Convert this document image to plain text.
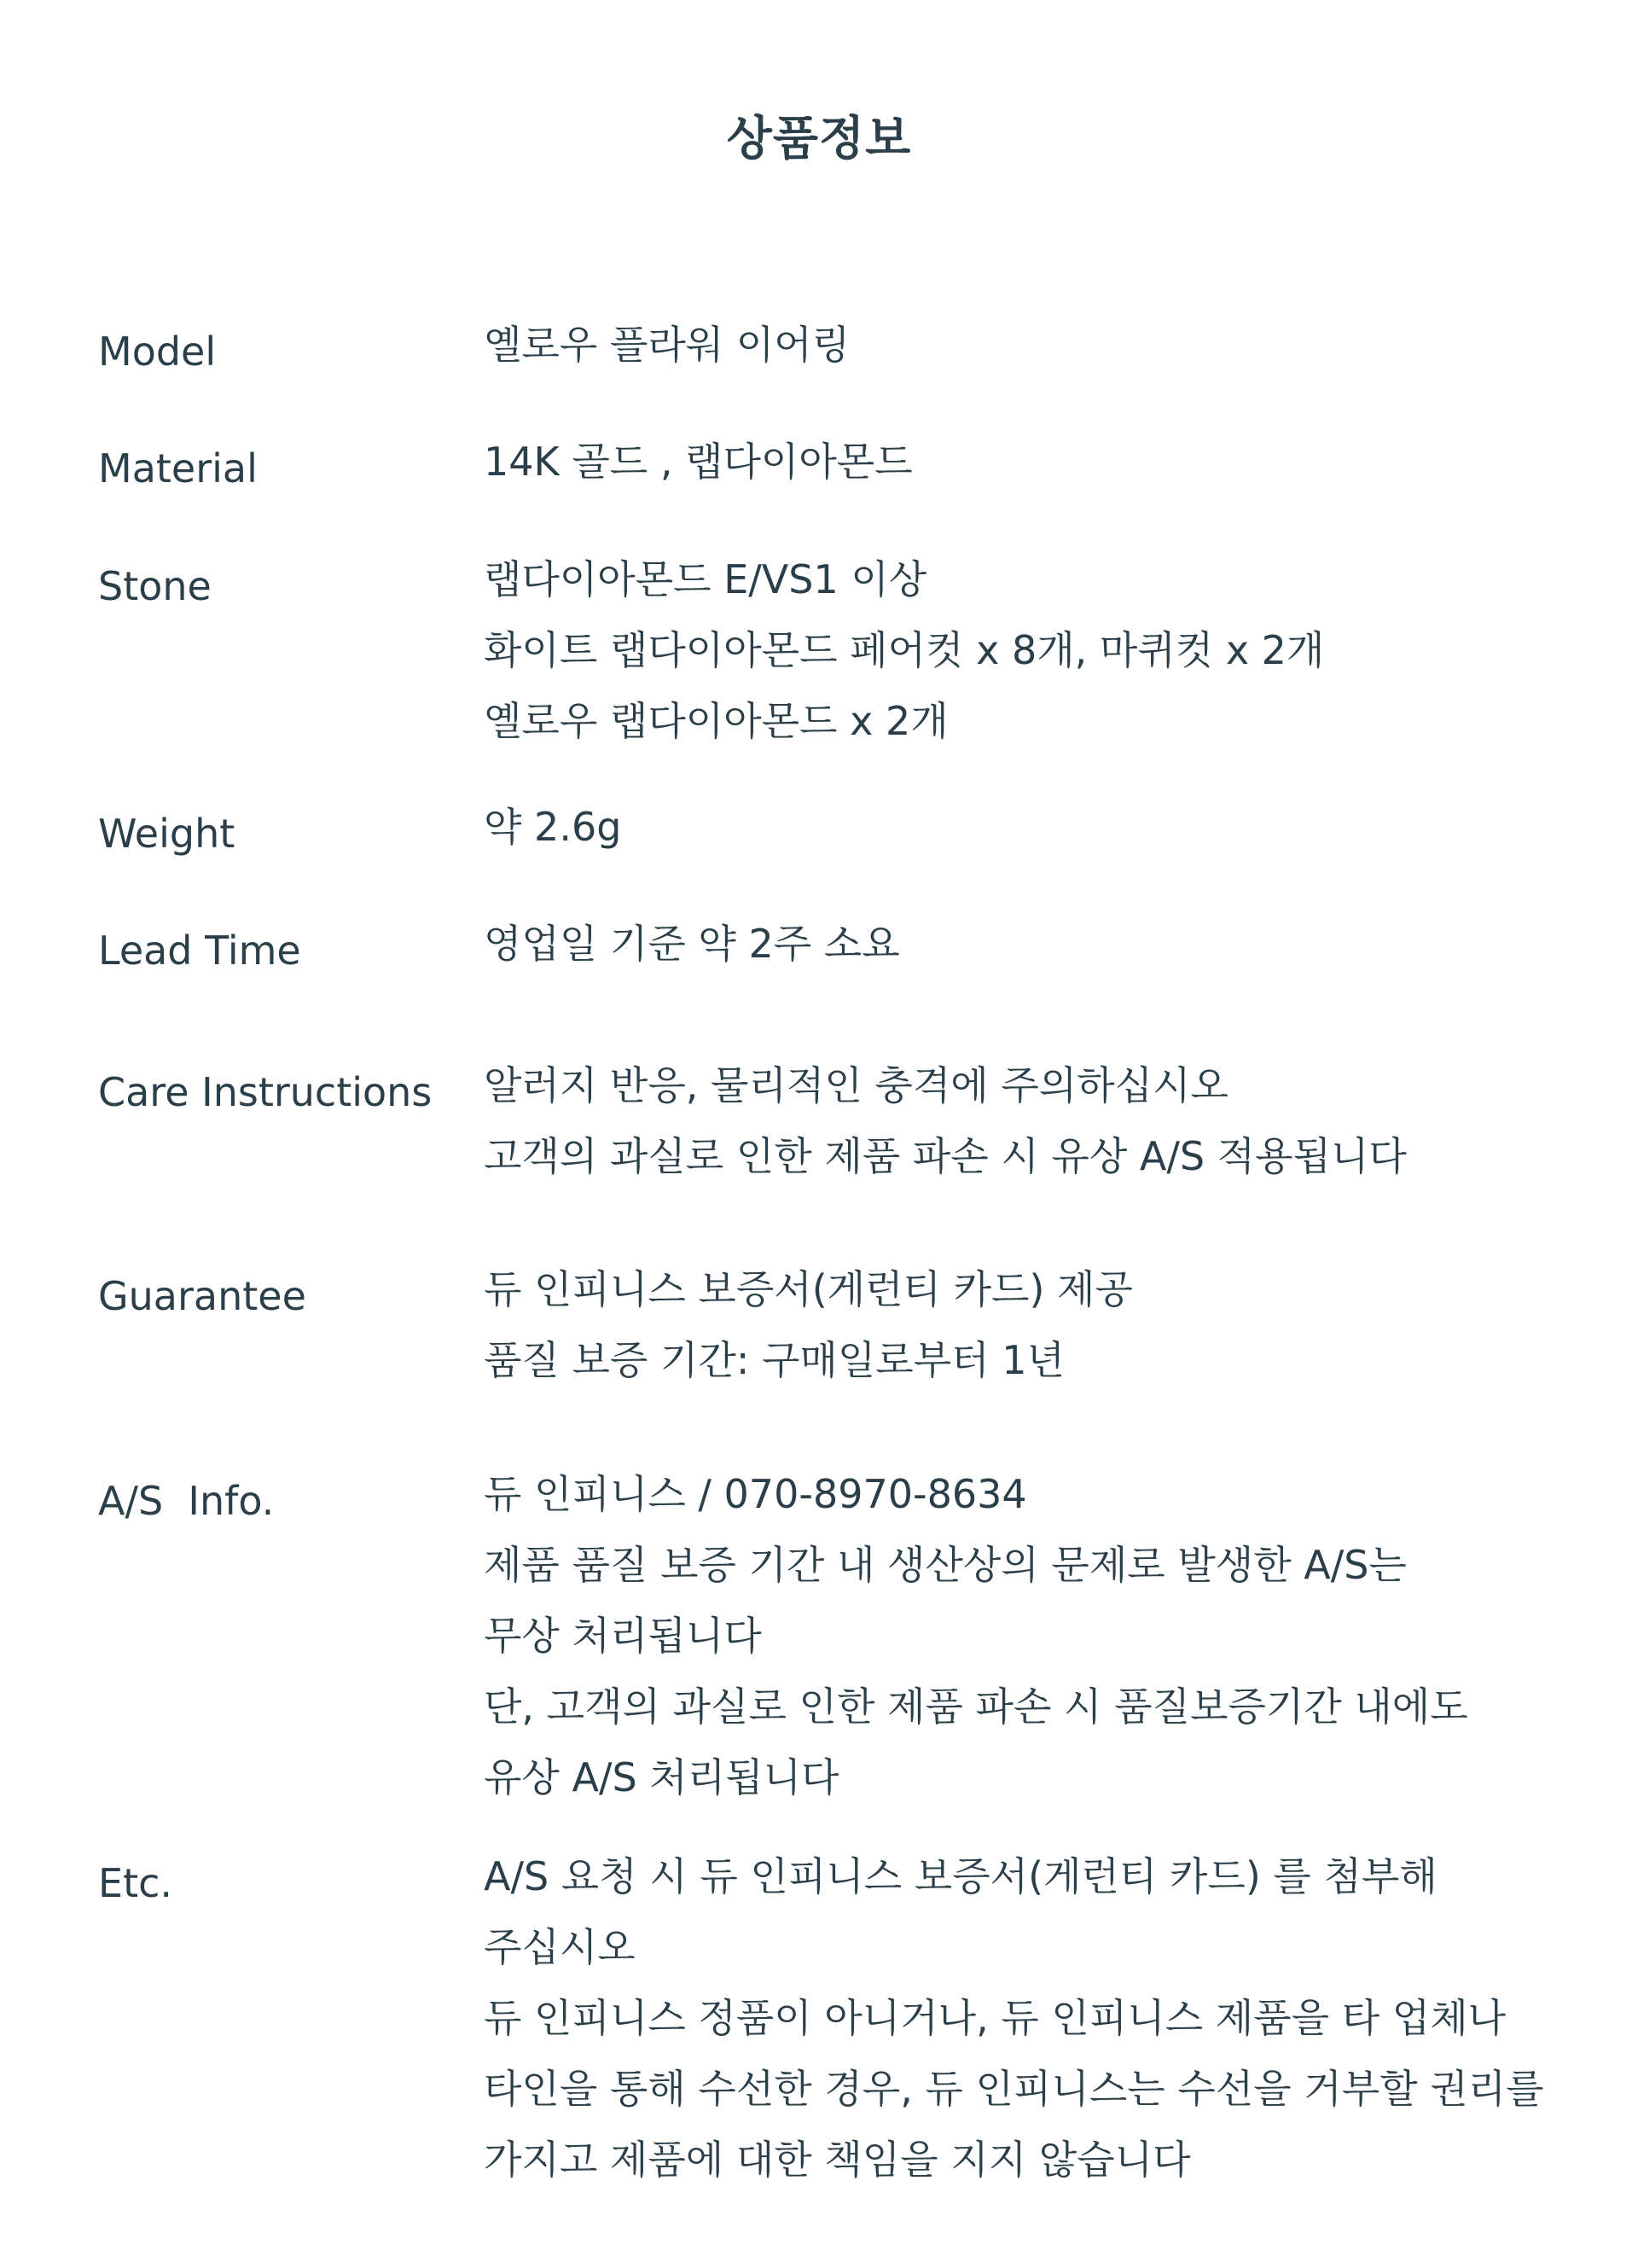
상품정보
Model	옐로우 플라워 이어링
Material	14K 골드 , 랩다이아몬드
Stone	랩다이아몬드 E/VS1 이상
화이트 랩다이아몬드 페어컷 x 8개, 마퀴컷 x 2개
옐로우 랩다이아몬드 x 2개
Weight	약 2.6g
Lead Time	영업일 기준 약 2주 소요
Care Instructions 알러지 반응, 물리적인 충격에 주의하십시오
고객의 과실로 인한 제품 파손 시 유상 A/S 적용됩니다
Guarantee	듀 인피니스 보증서(게런티 카드) 제공
품질 보증 기간: 구매일로부터 1년
A/S  Info.	듀 인피니스 / 070-8970-8634
제품 품질 보증 기간 내 생산상의 문제로 발생한 A/S는
무상 처리됩니다
단, 고객의 과실로 인한 제품 파손 시 품질보증기간 내에도
유상 A/S 처리됩니다
Etc.	A/S 요청 시 듀 인피니스 보증서(게런티 카드) 를 첨부해
주십시오
듀 인피니스 정품이 아니거나, 듀 인피니스 제품을 타 업체나
타인을 통해 수선한 경우, 듀 인피니스는 수선을 거부할 권리를
가지고 제품에 대한 책임을 지지 않습니다
